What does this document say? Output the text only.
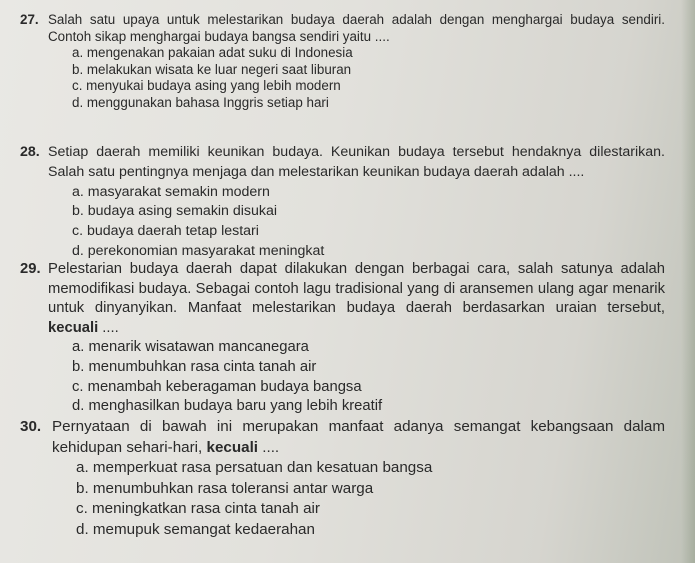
27. Salah satu upaya untuk melestarikan budaya daerah adalah dengan menghargai budaya sendiri. Contoh sikap menghargai budaya bangsa sendiri yaitu ....
a. mengenakan pakaian adat suku di Indonesia
b. melakukan wisata ke luar negeri saat liburan
c. menyukai budaya asing yang lebih modern
d. menggunakan bahasa Inggris setiap hari
28. Setiap daerah memiliki keunikan budaya. Keunikan budaya tersebut hendaknya dilestarikan. Salah satu pentingnya menjaga dan melestarikan keunikan budaya daerah adalah ....
a. masyarakat semakin modern
b. budaya asing semakin disukai
c. budaya daerah tetap lestari
d. perekonomian masyarakat meningkat
29. Pelestarian budaya daerah dapat dilakukan dengan berbagai cara, salah satunya adalah memodifikasi budaya. Sebagai contoh lagu tradisional yang di aransemen ulang agar menarik untuk dinyanyikan. Manfaat melestarikan budaya daerah berdasarkan uraian tersebut, kecuali ....
a. menarik wisatawan mancanegara
b. menumbuhkan rasa cinta tanah air
c. menambah keberagaman budaya bangsa
d. menghasilkan budaya baru yang lebih kreatif
30. Pernyataan di bawah ini merupakan manfaat adanya semangat kebangsaan dalam kehidupan sehari-hari, kecuali ....
a. memperkuat rasa persatuan dan kesatuan bangsa
b. menumbuhkan rasa toleransi antar warga
c. meningkatkan rasa cinta tanah air
d. memupuk semangat kedaerahan
